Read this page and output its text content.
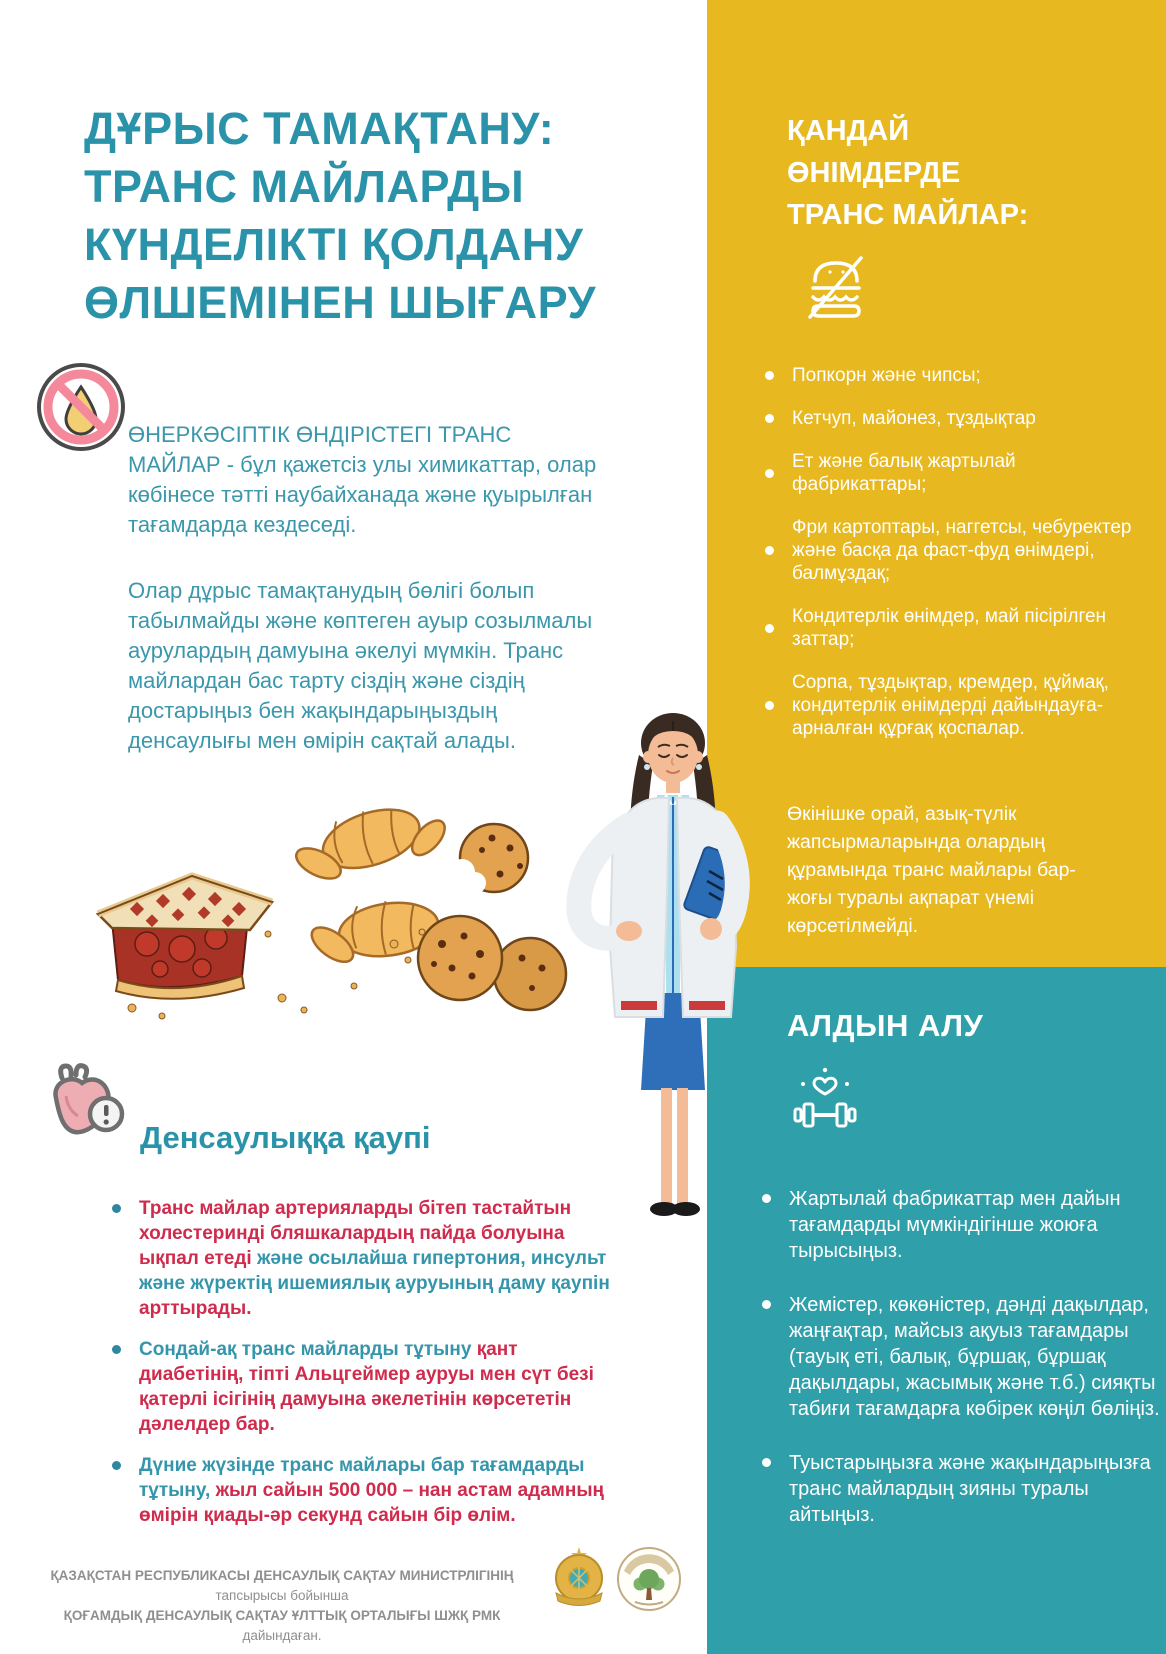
ДҰРЫС ТАМАҚТАНУ:
ТРАНС МАЙЛАРДЫ
КҮНДЕЛІКТІ ҚОЛДАНУ
ӨЛШЕМІНЕН ШЫҒАРУ
ӨНЕРКӘСІПТІК ӨНДІРІСТЕГІ ТРАНС МАЙЛАР - бұл қажетсіз улы химикаттар, олар көбінесе тәтті наубайханада және қуырылған тағамдарда кездеседі.
Олар дұрыс тамақтанудың бөлігі болып табылмайды және көптеген ауыр созылмалы аурулардың дамуына әкелуі мүмкін. Транс майлардан бас тарту сіздің және сіздің достарыңыз бен жақындарыңыздың денсаулығы мен өмірін сақтай алады.
Денсаулыққа қаупі
Транс майлар артерияларды бітеп тастайтын холестеринді бляшкалардың пайда болуына ықпал етеді және осылайша гипертония, инсульт және жүректің ишемиялық ауруының даму қаупін арттырады.
Сондай-ақ транс майларды тұтыну қант диабетінің, тіпті Альцгеймер ауруы мен сүт безі қатерлі ісігінің дамуына әкелетінін көрсететін дәлелдер бар.
Дүние жүзінде транс майлары бар тағамдарды тұтыну, жыл сайын 500 000 – нан астам адамның өмірін қиады-әр секунд сайын бір өлім.
ҚАНДАЙ
ӨНІМДЕРДЕ
ТРАНС МАЙЛАР:
Попкорн және чипсы;
Кетчуп, майонез, тұздықтар
Ет және балық жартылай фабрикаттары;
Фри картоптары, наггетсы, чебуректер және басқа да фаст-фуд өнімдері, балмұздақ;
Кондитерлік өнімдер, май пісірілген заттар;
Сорпа, тұздықтар, кремдер, құймақ, кондитерлік өнімдерді дайындауға- арналған құрғақ қоспалар.
Өкінішке орай, азық-түлік жапсырмаларында олардың құрамында транс майлары бар-жоғы туралы ақпарат үнемі көрсетілмейді.
АЛДЫН АЛУ
Жартылай фабрикаттар мен дайын тағамдарды мүмкіндігінше жоюға тырысыңыз.
Жемістер, көкөністер, дәнді дақылдар, жаңғақтар, майсыз ақуыз тағамдары (тауық еті, балық, бұршақ, бұршақ дақылдары, жасымық және т.б.) сияқты табиғи тағамдарға көбірек көңіл бөліңіз.
Туыстарыңызға және жақындарыңызға транс майлардың зияны туралы айтыңыз.
ҚАЗАҚСТАН РЕСПУБЛИКАСЫ ДЕНСАУЛЫҚ САҚТАУ МИНИСТРЛІГІНІҢ тапсырысы бойынша
ҚОҒАМДЫҚ ДЕНСАУЛЫҚ САҚТАУ ҰЛТТЫҚ ОРТАЛЫҒЫ ШЖҚ РМК дайындаған.
